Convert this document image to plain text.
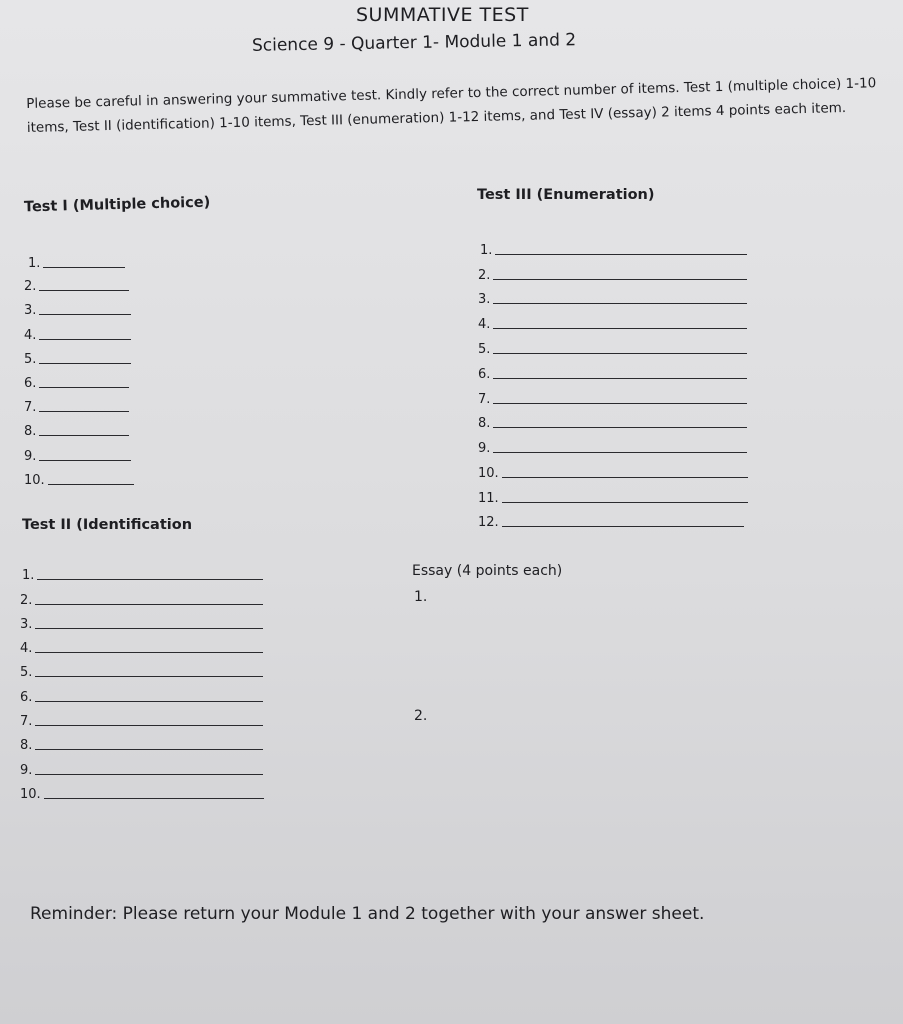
SUMMATIVE TEST
Science 9 - Quarter 1- Module 1 and 2
Please be careful in answering your summative test. Kindly refer to the correct number of items. Test 1 (multiple choice) 1-10 items, Test II (identification) 1-10 items, Test III (enumeration) 1-12 items, and Test IV (essay) 2 items 4 points each item.
Test I (Multiple choice)
1.
2.
3.
4.
5.
6.
7.
8.
9.
10.
Test II (Identification
1.
2.
3.
4.
5.
6.
7.
8.
9.
10.
Test III (Enumeration)
1.
2.
3.
4.
5.
6.
7.
8.
9.
10.
11.
12.
Essay (4 points each)
1.
2.
Reminder: Please return your Module 1 and 2 together with your answer sheet.
